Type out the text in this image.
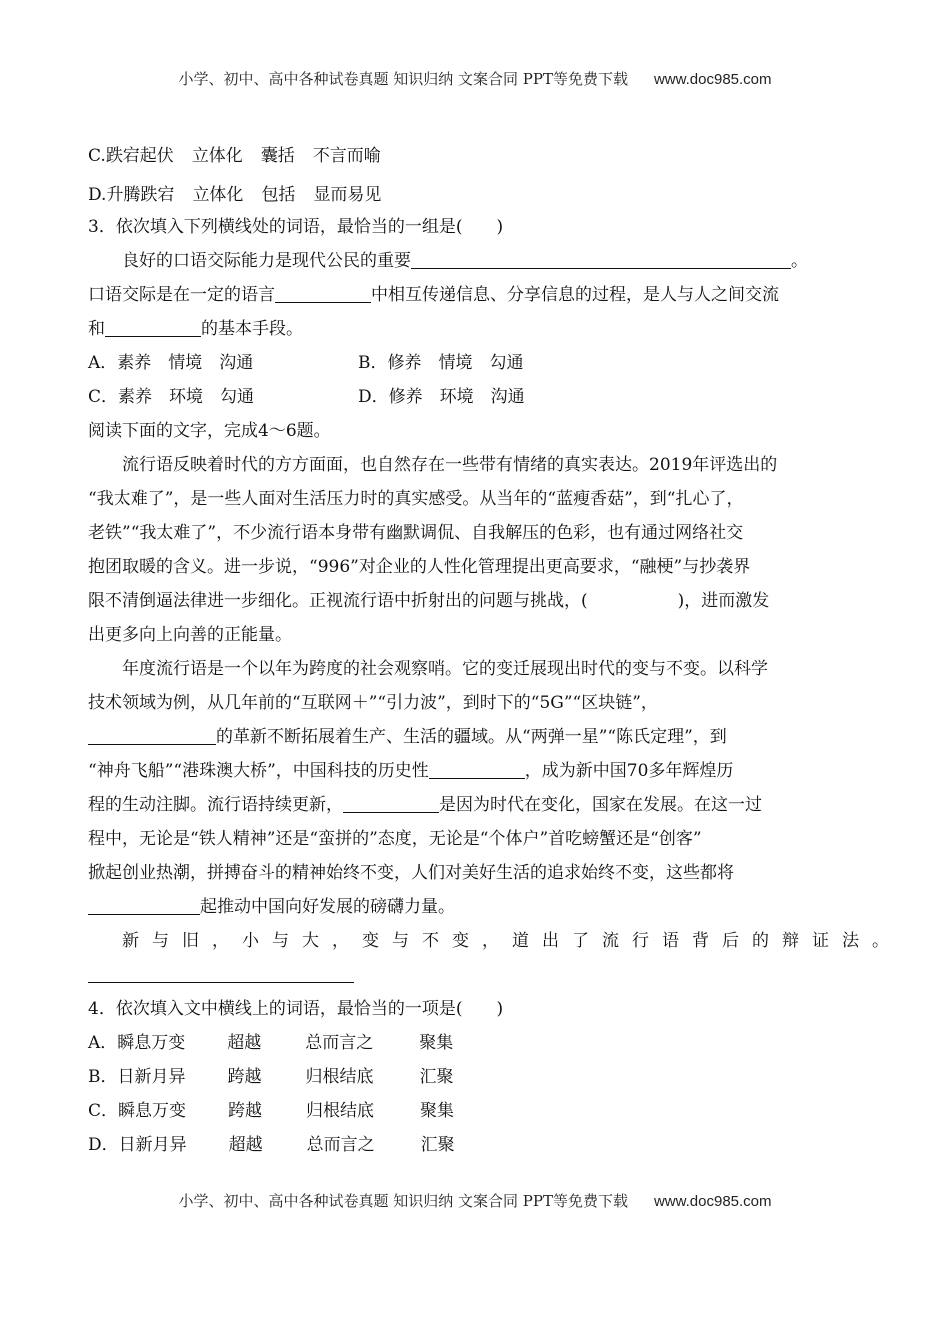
小学、初中、高中各种试卷真题 知识归纳 文案合同 PPT等免费下载 www.doc985.com
C.跌宕起伏 立体化 囊括 不言而喻
D.升腾跌宕 立体化 包括 显而易见
3．依次填入下列横线处的词语，最恰当的一组是(　　)
良好的口语交际能力是现代公民的重要	。
口语交际是在一定的语言	中相互传递信息、分享信息的过程，是人与人之间交流
和	的基本手段。
A．素养　情境　沟通	B．修养　情境　勾通
C．素养　环境　勾通	D．修养　环境　沟通
阅读下面的文字，完成4～6题。
流行语反映着时代的方方面面，也自然存在一些带有情绪的真实表达。2019年评选出的
“我太难了”，是一些人面对生活压力时的真实感受。从当年的“蓝瘦香菇”，到“扎心了，
老铁”“我太难了”，不少流行语本身带有幽默调侃、自我解压的色彩，也有通过网络社交
抱团取暖的含义。进一步说，“996”对企业的人性化管理提出更高要求，“融梗”与抄袭界
限不清倒逼法律进一步细化。正视流行语中折射出的问题与挑战，(	)，进而激发
出更多向上向善的正能量。
年度流行语是一个以年为跨度的社会观察哨。它的变迁展现出时代的变与不变。以科学
技术领域为例，从几年前的“互联网＋”“引力波”，到时下的“5G”“区块链”，
的革新不断拓展着生产、生活的疆域。从“两弹一星”“陈氏定理”，到
“神舟飞船”“港珠澳大桥”，中国科技的历史性	，成为新中国70多年辉煌历
程的生动注脚。流行语持续更新，	是因为时代在变化，国家在发展。在这一过
程中，无论是“铁人精神”还是“蛮拼的”态度，无论是“个体户”首吃螃蟹还是“创客”
掀起创业热潮，拼搏奋斗的精神始终不变，人们对美好生活的追求始终不变，这些都将
起推动中国向好发展的磅礴力量。
新与旧，小与大，变与不变，道出了流行语背后的辩证法。
4．依次填入文中横线上的词语，最恰当的一项是(　　)
A．瞬息万变 超越	总而言之	聚集
B．日新月异 跨越	归根结底	汇聚
C．瞬息万变 跨越	归根结底	聚集
D．日新月异 超越	总而言之	汇聚
小学、初中、高中各种试卷真题 知识归纳 文案合同 PPT等免费下载 www.doc985.com
